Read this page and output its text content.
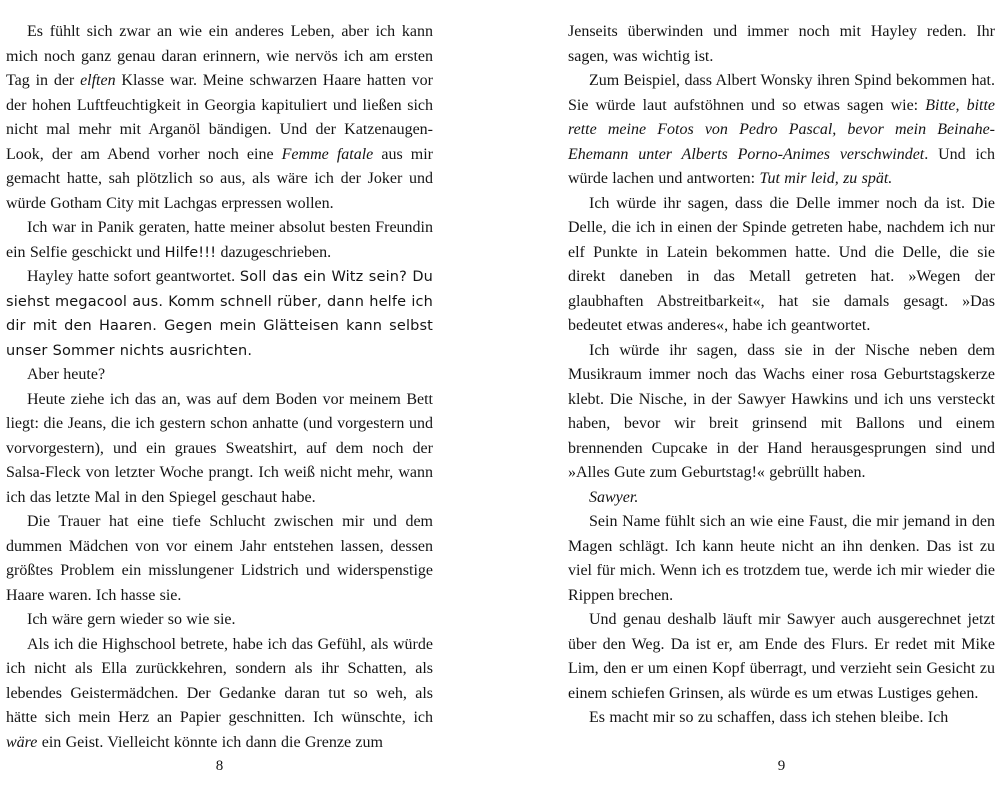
Es fühlt sich zwar an wie ein anderes Leben, aber ich kann mich noch ganz genau daran erinnern, wie nervös ich am ersten Tag in der elften Klasse war. Meine schwarzen Haare hatten vor der hohen Luftfeuchtigkeit in Georgia kapituliert und ließen sich nicht mal mehr mit Arganöl bändigen. Und der Katzenaugen-Look, der am Abend vorher noch eine Femme fatale aus mir gemacht hatte, sah plötzlich so aus, als wäre ich der Joker und würde Gotham City mit Lachgas erpressen wollen.

Ich war in Panik geraten, hatte meiner absolut besten Freundin ein Selfie geschickt und Hilfe!!! dazugeschrieben.

Hayley hatte sofort geantwortet. Soll das ein Witz sein? Du siehst megacool aus. Komm schnell rüber, dann helfe ich dir mit den Haaren. Gegen mein Glätteisen kann selbst unser Sommer nichts ausrichten.

Aber heute?

Heute ziehe ich das an, was auf dem Boden vor meinem Bett liegt: die Jeans, die ich gestern schon anhatte (und vorgestern und vorvorgestern), und ein graues Sweatshirt, auf dem noch der Salsa-Fleck von letzter Woche prangt. Ich weiß nicht mehr, wann ich das letzte Mal in den Spiegel geschaut habe.

Die Trauer hat eine tiefe Schlucht zwischen mir und dem dummen Mädchen von vor einem Jahr entstehen lassen, dessen größtes Problem ein misslungener Lidstrich und widerspenstige Haare waren. Ich hasse sie.

Ich wäre gern wieder so wie sie.

Als ich die Highschool betrete, habe ich das Gefühl, als würde ich nicht als Ella zurückkehren, sondern als ihr Schatten, als lebendes Geistermädchen. Der Gedanke daran tut so weh, als hätte sich mein Herz an Papier geschnitten. Ich wünschte, ich wäre ein Geist. Vielleicht könnte ich dann die Grenze zum

8

Jenseits überwinden und immer noch mit Hayley reden. Ihr sagen, was wichtig ist.

Zum Beispiel, dass Albert Wonsky ihren Spind bekommen hat. Sie würde laut aufstöhnen und so etwas sagen wie: Bitte, bitte rette meine Fotos von Pedro Pascal, bevor mein Beinahe-Ehemann unter Alberts Porno-Animes verschwindet. Und ich würde lachen und antworten: Tut mir leid, zu spät.

Ich würde ihr sagen, dass die Delle immer noch da ist. Die Delle, die ich in einen der Spinde getreten habe, nachdem ich nur elf Punkte in Latein bekommen hatte. Und die Delle, die sie direkt daneben in das Metall getreten hat. »Wegen der glaubhaften Abstreitbarkeit«, hat sie damals gesagt. »Das bedeutet etwas anderes«, habe ich geantwortet.

Ich würde ihr sagen, dass sie in der Nische neben dem Musikraum immer noch das Wachs einer rosa Geburtstagskerze klebt. Die Nische, in der Sawyer Hawkins und ich uns versteckt haben, bevor wir breit grinsend mit Ballons und einem brennenden Cupcake in der Hand herausgesprungen sind und »Alles Gute zum Geburtstag!« gebrüllt haben.

Sawyer.

Sein Name fühlt sich an wie eine Faust, die mir jemand in den Magen schlägt. Ich kann heute nicht an ihn denken. Das ist zu viel für mich. Wenn ich es trotzdem tue, werde ich mir wieder die Rippen brechen.

Und genau deshalb läuft mir Sawyer auch ausgerechnet jetzt über den Weg. Da ist er, am Ende des Flurs. Er redet mit Mike Lim, den er um einen Kopf überragt, und verzieht sein Gesicht zu einem schiefen Grinsen, als würde es um etwas Lustiges gehen.

Es macht mir so zu schaffen, dass ich stehen bleibe. Ich

9
